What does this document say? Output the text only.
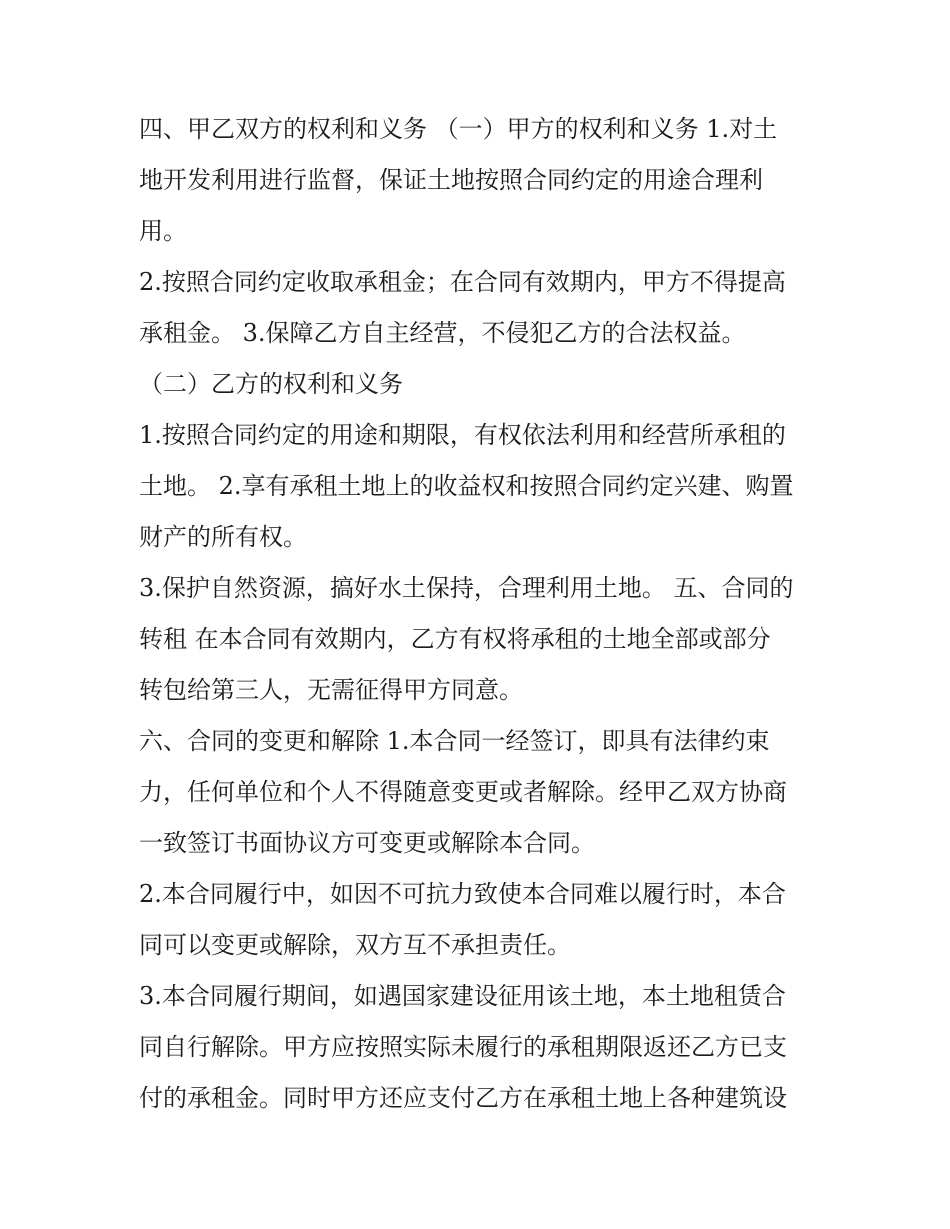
四、甲乙双方的权利和义务 （一）甲方的权利和义务 1.对土
地开发利用进行监督，保证土地按照合同约定的用途合理利
用。
2.按照合同约定收取承租金；在合同有效期内，甲方不得提高
承租金。 3.保障乙方自主经营，不侵犯乙方的合法权益。
（二）乙方的权利和义务
1.按照合同约定的用途和期限，有权依法利用和经营所承租的
土地。 2.享有承租土地上的收益权和按照合同约定兴建、购置
财产的所有权。
3.保护自然资源，搞好水土保持，合理利用土地。 五、合同的
转租 在本合同有效期内，乙方有权将承租的土地全部或部分
转包给第三人，无需征得甲方同意。
六、合同的变更和解除 1.本合同一经签订，即具有法律约束
力，任何单位和个人不得随意变更或者解除。经甲乙双方协商
一致签订书面协议方可变更或解除本合同。
2.本合同履行中，如因不可抗力致使本合同难以履行时，本合
同可以变更或解除，双方互不承担责任。
3.本合同履行期间，如遇国家建设征用该土地，本土地租赁合
同自行解除。甲方应按照实际未履行的承租期限返还乙方已支
付的承租金。同时甲方还应支付乙方在承租土地上各种建筑设
